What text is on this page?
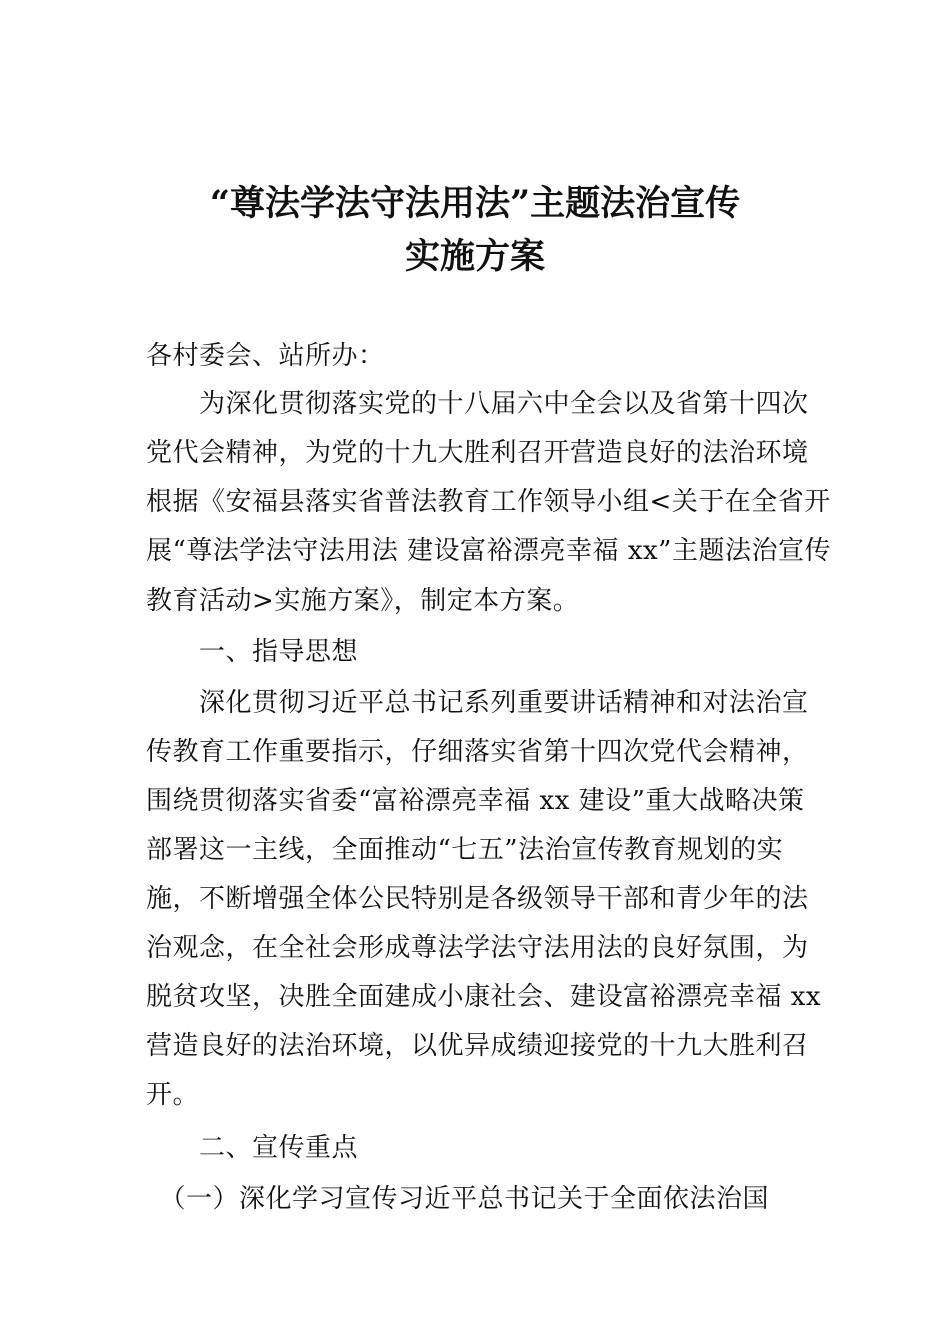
“尊法学法守法用法”主题法治宣传
实施方案
各村委会、站所办：
　　为深化贯彻落实党的十八届六中全会以及省第十四次
党代会精神，为党的十九大胜利召开营造良好的法治环境
根据《安福县落实省普法教育工作领导小组<关于在全省开
展“尊法学法守法用法 建设富裕漂亮幸福 xx”主题法治宣传
教育活动>实施方案》，制定本方案。
　　一、指导思想
　　深化贯彻习近平总书记系列重要讲话精神和对法治宣
传教育工作重要指示，仔细落实省第十四次党代会精神，
围绕贯彻落实省委“富裕漂亮幸福 xx 建设”重大战略决策
部署这一主线，全面推动“七五”法治宣传教育规划的实
施，不断增强全体公民特别是各级领导干部和青少年的法
治观念，在全社会形成尊法学法守法用法的良好氛围，为
脱贫攻坚，决胜全面建成小康社会、建设富裕漂亮幸福 xx
营造良好的法治环境，以优异成绩迎接党的十九大胜利召
开。
　　二、宣传重点
　（一）深化学习宣传习近平总书记关于全面依法治国
